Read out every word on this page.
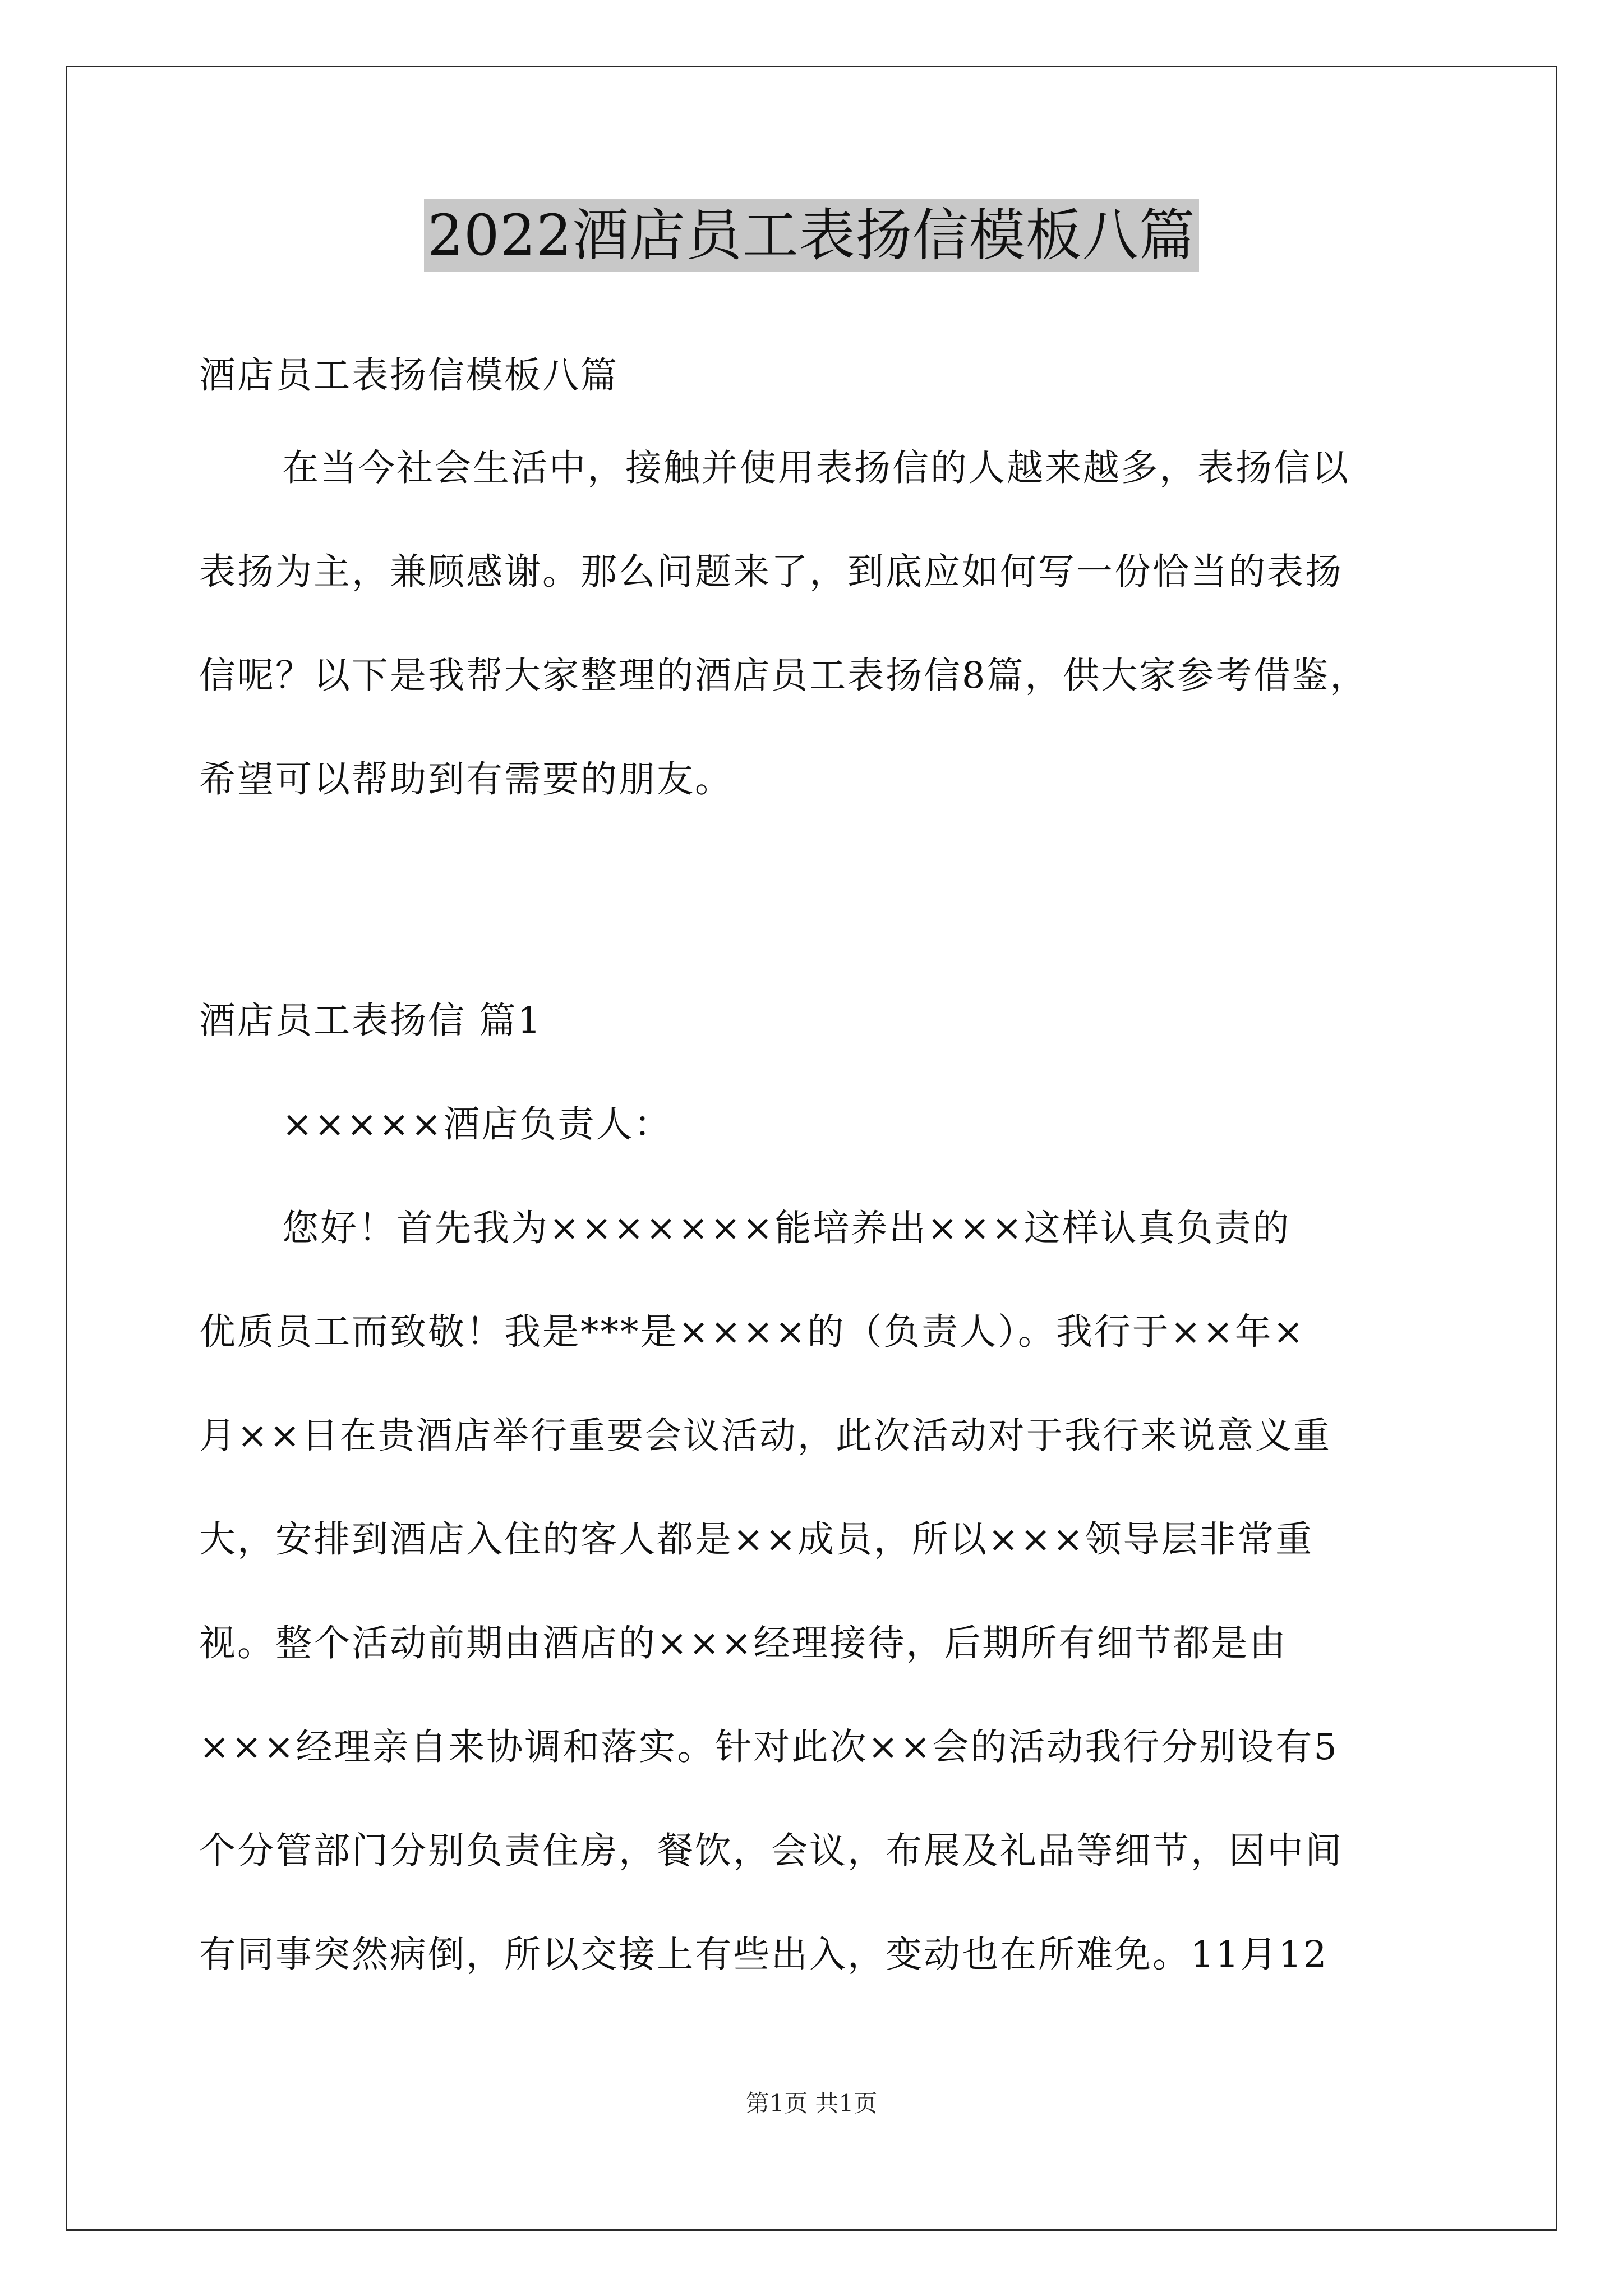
2022酒店员工表扬信模板八篇
酒店员工表扬信模板八篇
在当今社会生活中，接触并使用表扬信的人越来越多，表扬信以
表扬为主，兼顾感谢。那么问题来了，到底应如何写一份恰当的表扬
信呢？以下是我帮大家整理的酒店员工表扬信8篇，供大家参考借鉴，
希望可以帮助到有需要的朋友。
酒店员工表扬信 篇1
×××××酒店负责人：
您好！首先我为×××××××能培养出×××这样认真负责的
优质员工而致敬！我是***是××××的（负责人）。我行于××年×
月××日在贵酒店举行重要会议活动，此次活动对于我行来说意义重
大，安排到酒店入住的客人都是××成员，所以×××领导层非常重
视。整个活动前期由酒店的×××经理接待，后期所有细节都是由
×××经理亲自来协调和落实。针对此次××会的活动我行分别设有5
个分管部门分别负责住房，餐饮，会议，布展及礼品等细节，因中间
有同事突然病倒，所以交接上有些出入，变动也在所难免。11月12
第1页 共1页
